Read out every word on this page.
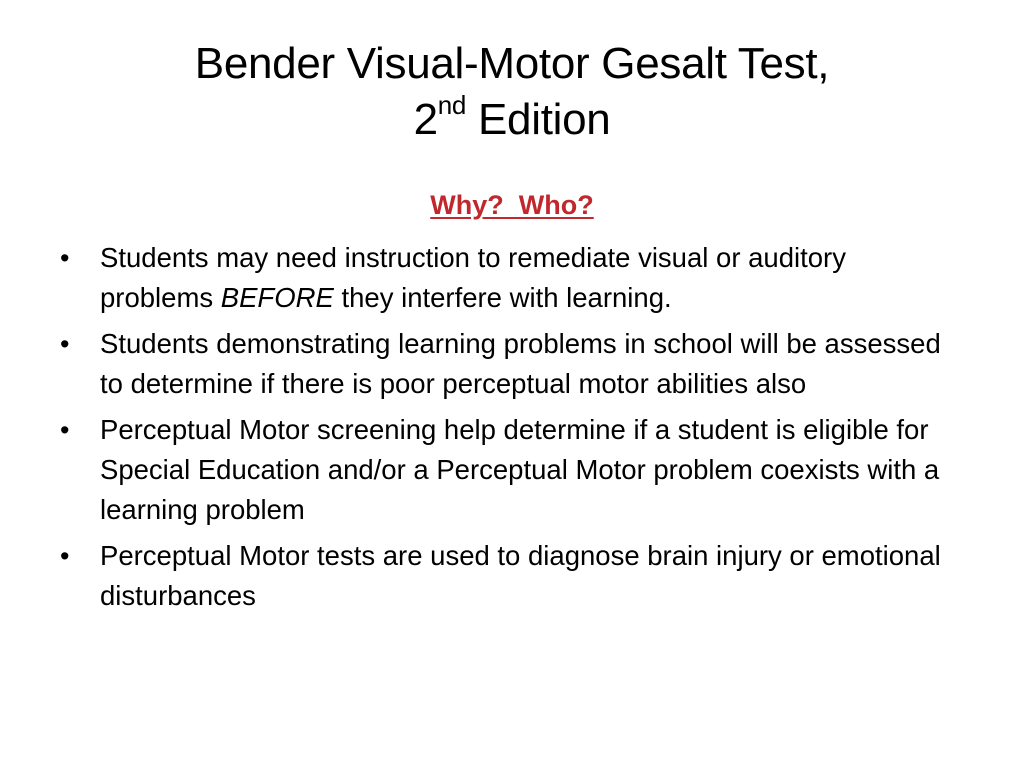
Bender Visual-Motor Gesalt Test,
2nd Edition
Why?  Who?
•	Students may need instruction to remediate visual or auditory problems BEFORE they interfere with learning.
•	Students demonstrating learning problems in school will be assessed to determine if there is poor perceptual motor abilities also
•	Perceptual Motor screening help determine if a student is eligible for Special Education and/or a Perceptual Motor problem coexists with a learning problem
•	Perceptual Motor tests are used to diagnose brain injury or emotional disturbances
